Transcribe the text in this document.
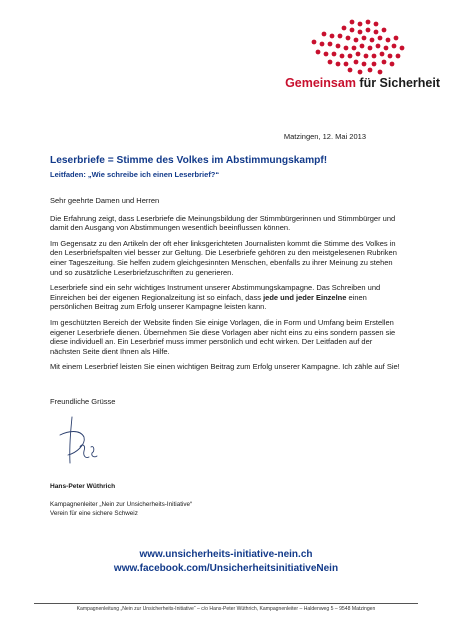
Gemeinsam für Sicherheit
Matzingen, 12. Mai 2013
Leserbriefe = Stimme des Volkes im Abstimmungskampf!
Leitfaden: „Wie schreibe ich einen Leserbrief?“

Sehr geehrte Damen und Herren

Die Erfahrung zeigt, dass Leserbriefe die Meinungsbildung der Stimmbürgerinnen und Stimmbürger und damit den Ausgang von Abstimmungen wesentlich beeinflussen können.

Im Gegensatz zu den Artikeln der oft eher linksgerichteten Journalisten kommt die Stimme des Volkes in den Leserbriefspalten viel besser zur Geltung. Die Leserbriefe gehören zu den meistgelesenen Rubriken einer Tageszeitung. Sie helfen zudem gleichgesinnten Menschen, ebenfalls zu ihrer Meinung zu stehen und so zusätzliche Leserbriefzuschriften zu generieren.

Leserbriefe sind ein sehr wichtiges Instrument unserer Abstimmungskampagne. Das Schreiben und Einreichen bei der eigenen Regionalzeitung ist so einfach, dass jede und jeder Einzelne einen persönlichen Beitrag zum Erfolg unserer Kampagne leisten kann.

Im geschützten Bereich der Website finden Sie einige Vorlagen, die in Form und Umfang beim Erstellen eigener Leserbriefe dienen. Übernehmen Sie diese Vorlagen aber nicht eins zu eins sondern passen sie diese individuell an. Ein Leserbrief muss immer persönlich und echt wirken. Der Leitfaden auf der nächsten Seite dient Ihnen als Hilfe.

Mit einem Leserbrief leisten Sie einen wichtigen Beitrag zum Erfolg unserer Kampagne. Ich zähle auf Sie!

Freundliche Grüsse
Hans-Peter Wüthrich
Kampagnenleiter „Nein zur Unsicherheits-Initiative“
Verein für eine sichere Schweiz
www.unsicherheits-initiative-nein.ch
www.facebook.com/UnsicherheitsinitiativeNein
Kampagnenleitung „Nein zur Unsicherheits-Initiative“ – c/o Hans-Peter Wüthrich, Kampagnenleiter – Haldenweg 5 – 9548 Matzingen
